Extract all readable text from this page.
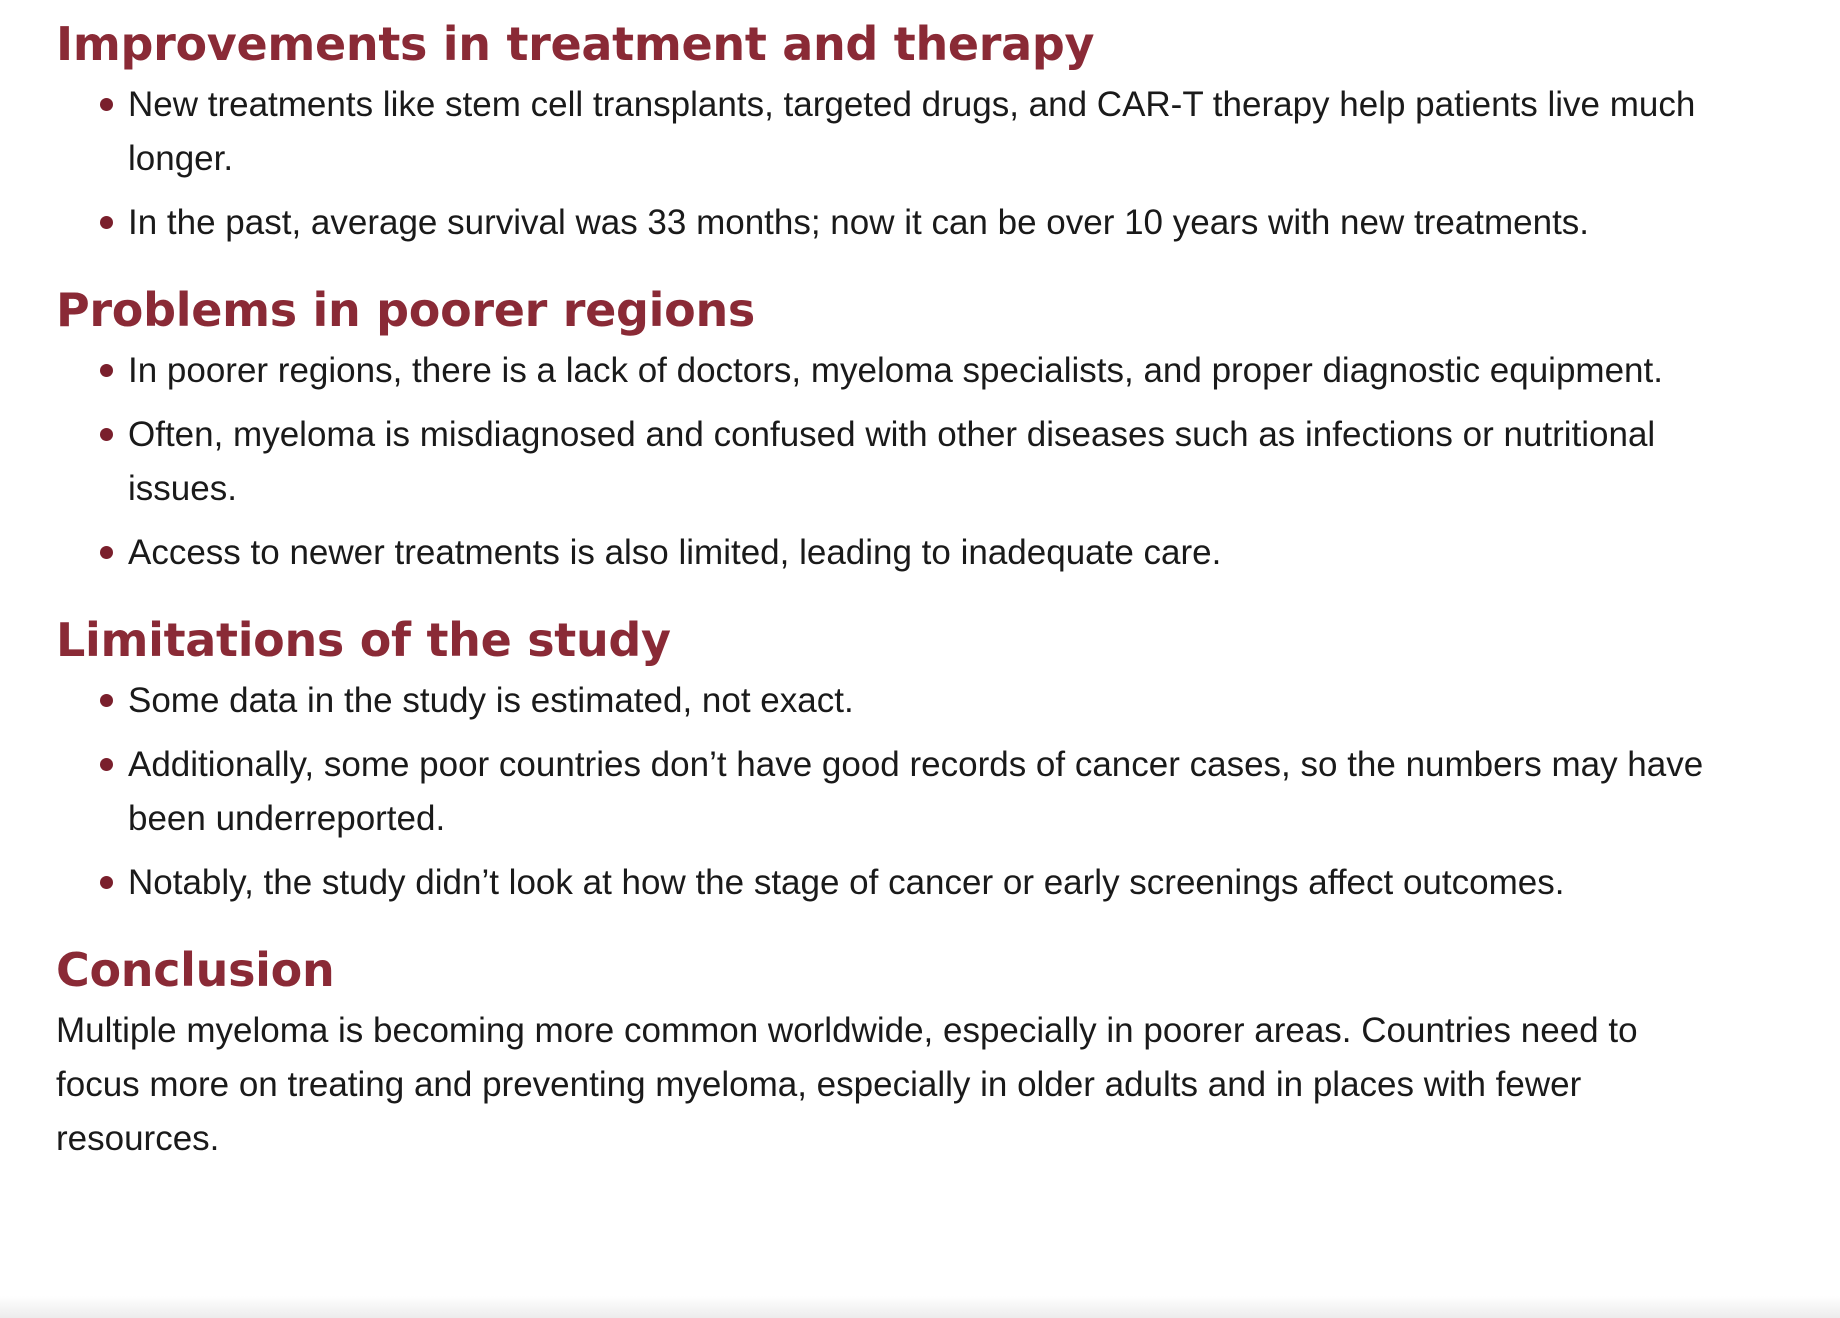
Improvements in treatment and therapy
New treatments like stem cell transplants, targeted drugs, and CAR-T therapy help patients live much longer.
In the past, average survival was 33 months; now it can be over 10 years with new treatments.
Problems in poorer regions
In poorer regions, there is a lack of doctors, myeloma specialists, and proper diagnostic equipment.
Often, myeloma is misdiagnosed and confused with other diseases such as infections or nutritional issues.
Access to newer treatments is also limited, leading to inadequate care.
Limitations of the study
Some data in the study is estimated, not exact.
Additionally, some poor countries don’t have good records of cancer cases, so the numbers may have been underreported.
Notably, the study didn’t look at how the stage of cancer or early screenings affect outcomes.
Conclusion

Multiple myeloma is becoming more common worldwide, especially in poorer areas. Countries need to focus more on treating and preventing myeloma, especially in older adults and in places with fewer resources.
